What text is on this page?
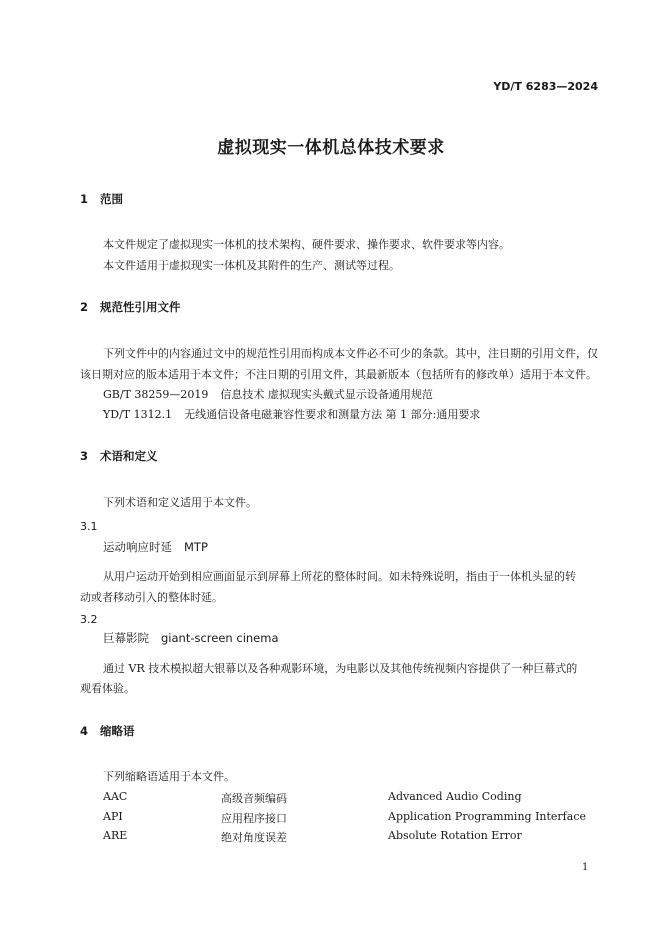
YD/T 6283—2024
虚拟现实一体机总体技术要求
1 范围
本文件规定了虚拟现实一体机的技术架构、硬件要求、操作要求、软件要求等内容。
本文件适用于虚拟现实一体机及其附件的生产、测试等过程。
2 规范性引用文件
下列文件中的内容通过文中的规范性引用而构成本文件必不可少的条款。其中，注日期的引用文件，仅
该日期对应的版本适用于本文件；不注日期的引用文件，其最新版本（包括所有的修改单）适用于本文件。
GB/T 38259—2019 信息技术 虚拟现实头戴式显示设备通用规范
YD/T 1312.1 无线通信设备电磁兼容性要求和测量方法 第 1 部分:通用要求
3 术语和定义
下列术语和定义适用于本文件。
3.1
运动响应时延 MTP
从用户运动开始到相应画面显示到屏幕上所花的整体时间。如未特殊说明，指由于一体机头显的转
动或者移动引入的整体时延。
3.2
巨幕影院 giant-screen cinema
通过 VR 技术模拟超大银幕以及各种观影环境，为电影以及其他传统视频内容提供了一种巨幕式的
观看体验。
4 缩略语
下列缩略语适用于本文件。
AAC	高级音频编码	Advanced Audio Coding
API	应用程序接口	Application Programming Interface
ARE	绝对角度误差	Absolute Rotation Error
1
